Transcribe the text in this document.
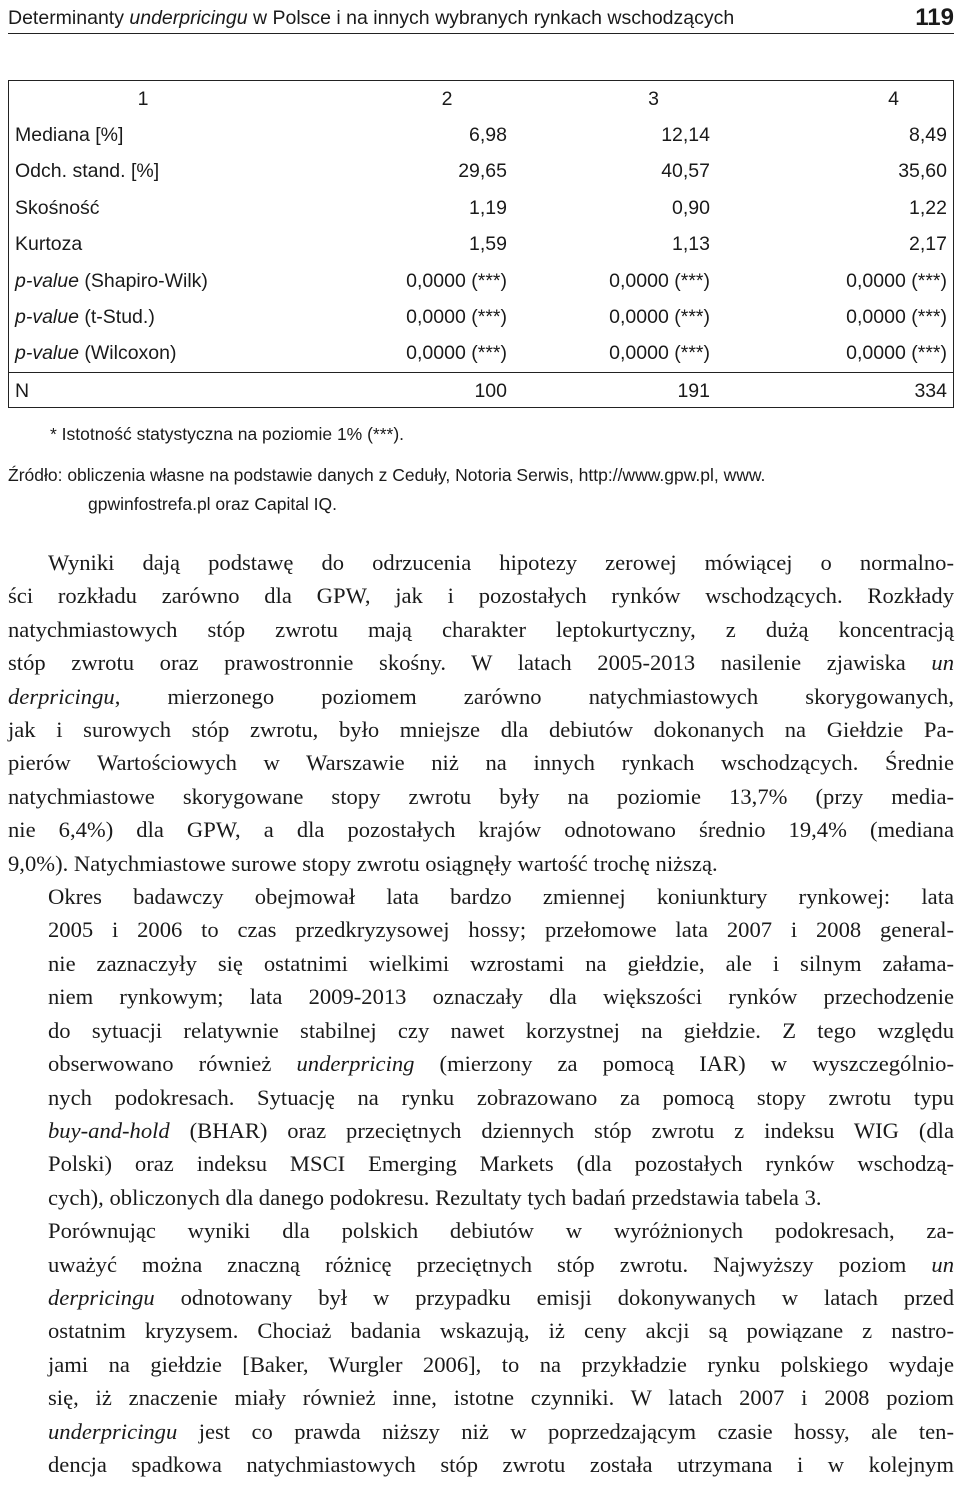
Determinanty underpricingu w Polsce i na innych wybranych rynkach wschodzących	119
1	2	3	4
Mediana [%]	6,98	12,14	8,49
Odch. stand. [%]	29,65	40,57	35,60
Skośność	1,19	0,90	1,22
Kurtoza	1,59	1,13	2,17
p-value (Shapiro-Wilk)	0,0000 (***)	0,0000 (***)	0,0000 (***)
p-value (t-Stud.)	0,0000 (***)	0,0000 (***)	0,0000 (***)
p-value (Wilcoxon)	0,0000 (***)	0,0000 (***)	0,0000 (***)
N	100	191	334
* Istotność statystyczna na poziomie 1% (***).
Źródło: obliczenia własne na podstawie danych z Ceduły, Notoria Serwis, http://www.gpw.pl, www.
gpwinfostrefa.pl oraz Capital IQ.

Wyniki dają podstawę do odrzucenia hipotezy zerowej mówiącej o normalno-
ści rozkładu zarówno dla GPW, jak i pozostałych rynków wschodzących. Rozkłady
natychmiastowych stóp zwrotu mają charakter leptokurtyczny, z dużą koncentracją
stóp zwrotu oraz prawostronnie skośny. W latach 2005-2013 nasilenie zjawiska un
derpricingu, mierzonego poziomem zarówno natychmiastowych skorygowanych,
jak i surowych stóp zwrotu, było mniejsze dla debiutów dokonanych na Giełdzie Pa-
pierów Wartościowych w Warszawie niż na innych rynkach wschodzących. Średnie
natychmiastowe skorygowane stopy zwrotu były na poziomie 13,7% (przy media-
nie 6,4%) dla GPW, a dla pozostałych krajów odnotowano średnio 19,4% (mediana
9,0%). Natychmiastowe surowe stopy zwrotu osiągnęły wartość trochę niższą.

Okres badawczy obejmował lata bardzo zmiennej koniunktury rynkowej: lata
2005 i 2006 to czas przedkryzysowej hossy; przełomowe lata 2007 i 2008 general-
nie zaznaczyły się ostatnimi wielkimi wzrostami na giełdzie, ale i silnym załama-
niem rynkowym; lata 2009-2013 oznaczały dla większości rynków przechodzenie
do sytuacji relatywnie stabilnej czy nawet korzystnej na giełdzie. Z tego względu
obserwowano również underpricing (mierzony za pomocą IAR) w wyszczególnio-
nych podokresach. Sytuację na rynku zobrazowano za pomocą stopy zwrotu typu
buy-and-hold (BHAR) oraz przeciętnych dziennych stóp zwrotu z indeksu WIG (dla
Polski) oraz indeksu MSCI Emerging Markets (dla pozostałych rynków wschodzą-
cych), obliczonych dla danego podokresu. Rezultaty tych badań przedstawia tabela 3.

Porównując wyniki dla polskich debiutów w wyróżnionych podokresach, za-
uważyć można znaczną różnicę przeciętnych stóp zwrotu. Najwyższy poziom un
derpricingu odnotowany był w przypadku emisji dokonywanych w latach przed
ostatnim kryzysem. Chociaż badania wskazują, iż ceny akcji są powiązane z nastro-
jami na giełdzie [Baker, Wurgler 2006], to na przykładzie rynku polskiego wydaje
się, iż znaczenie miały również inne, istotne czynniki. W latach 2007 i 2008 poziom
underpricingu jest co prawda niższy niż w poprzedzającym czasie hossy, ale ten-
dencja spadkowa natychmiastowych stóp zwrotu została utrzymana i w kolejnym
